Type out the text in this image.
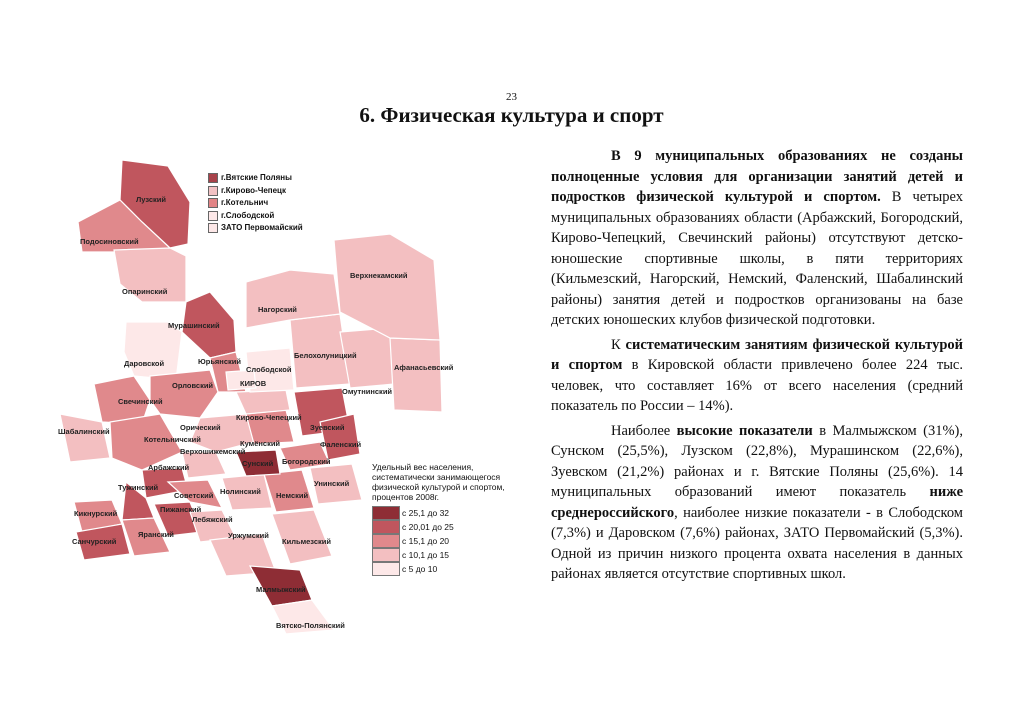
23
6. Физическая культура и спорт
Лузский
Подосиновский
Опаринский
Мурашинский
Даровской	Юрьянский
Свечинский
Орловский
Шабалинский
Котельничский
Орический
Верхошижемский
Арбажский
Тужинский
Кикнурский
Санчурский
Яранский
Пижанский
Советский
Лебяжский
Нолинский
Уржумский
Немский
Унинский
Богородский
Сунский
Кумёнский
Кирово-Чепецкий
Зуевский
Фаленский
Слободской
КИРОВ
Белохолуницкий
Омутнинский
Афанасьевский
Нагорский
Верхнекамский
Кильмезский
Малмыжский
Вятско-Полянский
г.Вятские Поляны
г.Кирово-Чепецк
г.Котельнич
г.Слободской
ЗАТО Первомайский
Удельный вес населения, систематически занимающегося физической культурой и спортом, процентов 2008г.
с 25,1 до 32
с 20,01 до 25
с 15,1 до 20
с 10,1 до 15
с 5 до 10

В 9 муниципальных образованиях не созданы полноценные условия для организации занятий детей и подростков физической культурой и спортом. В четырех муниципальных образованиях области (Арбажский, Богородский, Кирово-Чепецкий, Свечинский районы) отсутствуют детско-юношеские спортивные школы, в пяти территориях (Кильмезский, Нагорский, Немский, Фаленский, Шабалинский районы) занятия детей и подростков организованы на базе детских юношеских клубов физической подготовки.

К систематическим занятиям физической культурой и спортом в Кировской области привлечено более 224 тыс. человек, что составляет 16% от всего населения (средний показатель по России – 14%).

Наиболее высокие показатели в Малмыжском (31%), Сунском (25,5%), Лузском (22,8%), Мурашинском (22,6%), Зуевском (21,2%) районах и г. Вятские Поляны (25,6%). 14 муниципальных образований имеют показатель ниже среднероссийского, наиболее низкие показатели - в Слободском (7,3%) и Даровском (7,6%) районах, ЗАТО Первомайский (5,3%). Одной из причин низкого процента охвата населения в данных районах является отсутствие спортивных школ.
